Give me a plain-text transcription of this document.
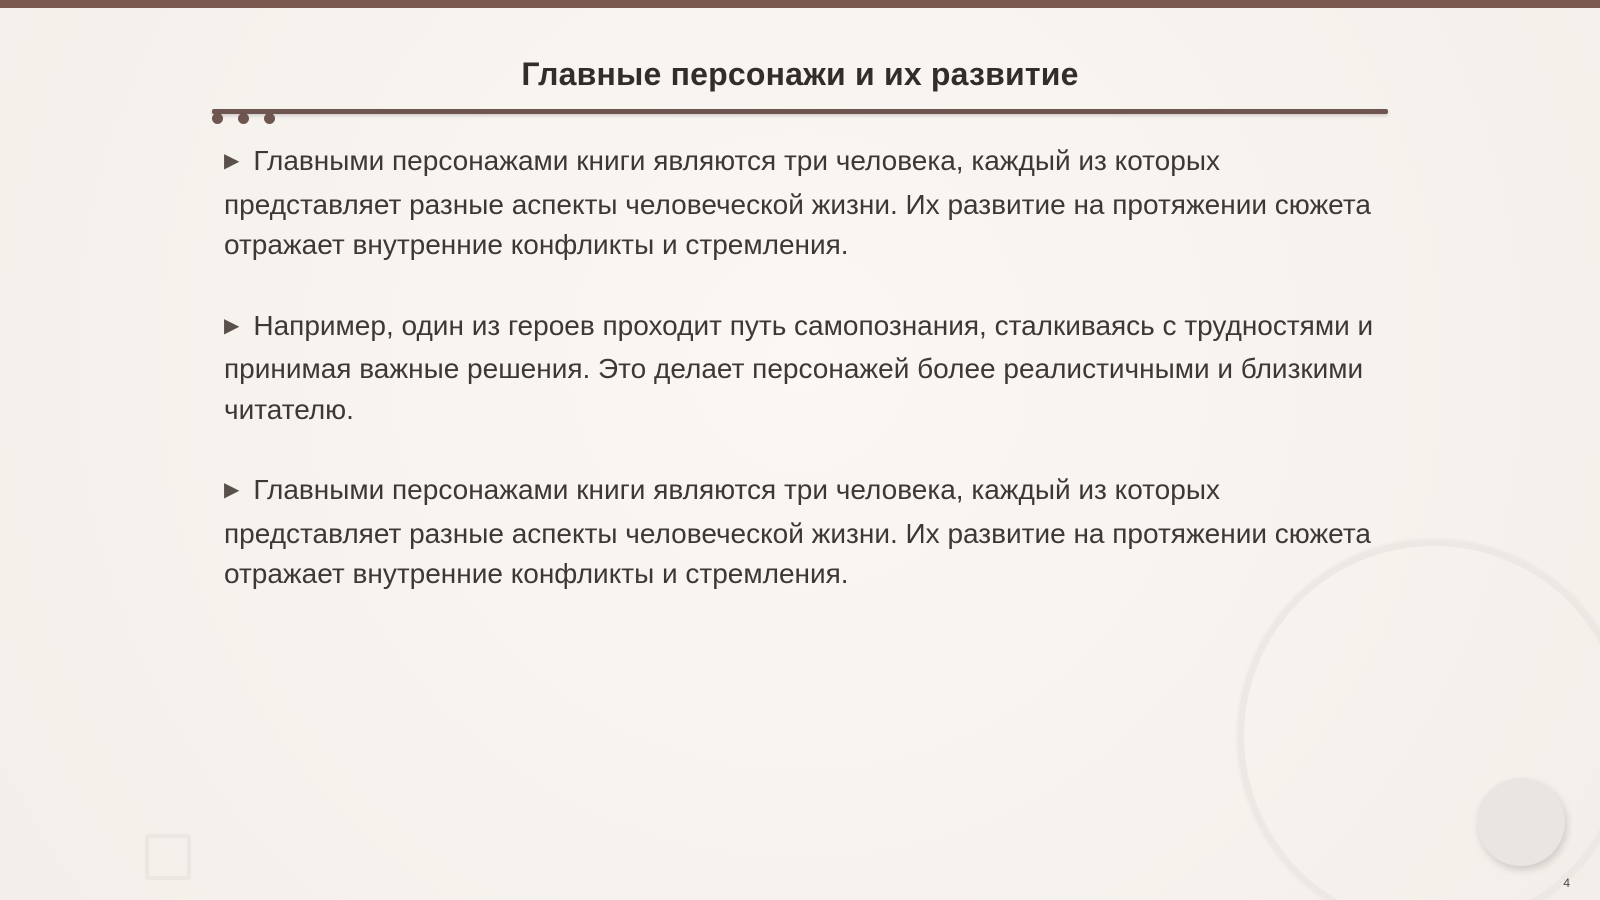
Главные персонажи и их развитие

▶ Главными персонажами книги являются три человека, каждый из которых представляет разные аспекты человеческой жизни. Их развитие на протяжении сюжета отражает внутренние конфликты и стремления.

▶ Например, один из героев проходит путь самопознания, сталкиваясь с трудностями и принимая важные решения. Это делает персонажей более реалистичными и близкими читателю.

▶ Главными персонажами книги являются три человека, каждый из которых представляет разные аспекты человеческой жизни. Их развитие на протяжении сюжета отражает внутренние конфликты и стремления.

4
